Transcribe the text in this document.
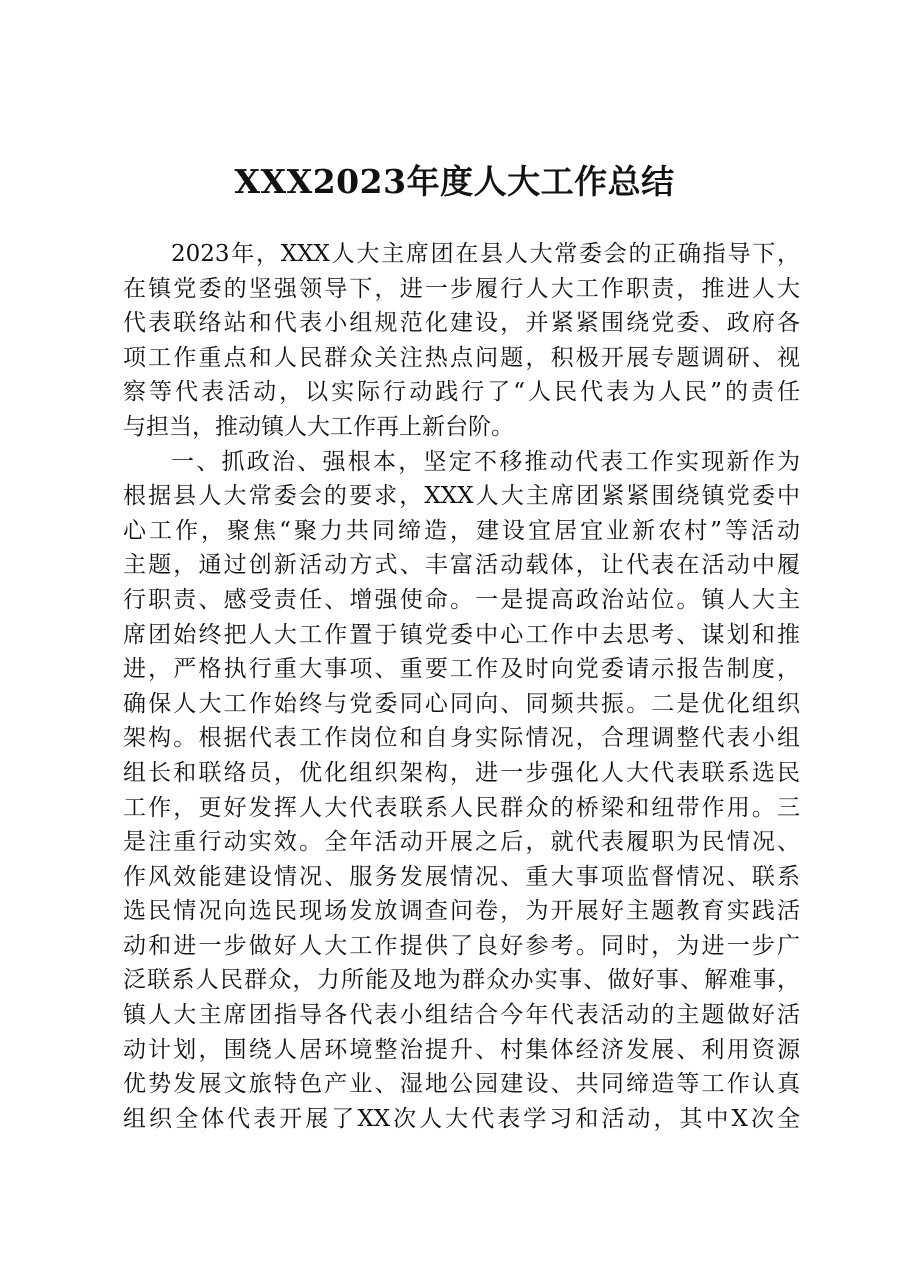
XXX2023年度人大工作总结

2023年，XXX人大主席团在县人大常委会的正确指导下，
在镇党委的坚强领导下，进一步履行人大工作职责，推进人大
代表联络站和代表小组规范化建设，并紧紧围绕党委、政府各
项工作重点和人民群众关注热点问题，积极开展专题调研、视
察等代表活动，以实际行动践行了“人民代表为人民”的责任
与担当，推动镇人大工作再上新台阶。

一、抓政治、强根本，坚定不移推动代表工作实现新作为
根据县人大常委会的要求，XXX人大主席团紧紧围绕镇党委中
心工作，聚焦“聚力共同缔造，建设宜居宜业新农村”等活动
主题，通过创新活动方式、丰富活动载体，让代表在活动中履
行职责、感受责任、增强使命。一是提高政治站位。镇人大主
席团始终把人大工作置于镇党委中心工作中去思考、谋划和推
进，严格执行重大事项、重要工作及时向党委请示报告制度，
确保人大工作始终与党委同心同向、同频共振。二是优化组织
架构。根据代表工作岗位和自身实际情况，合理调整代表小组
组长和联络员，优化组织架构，进一步强化人大代表联系选民
工作，更好发挥人大代表联系人民群众的桥梁和纽带作用。三
是注重行动实效。全年活动开展之后，就代表履职为民情况、
作风效能建设情况、服务发展情况、重大事项监督情况、联系
选民情况向选民现场发放调查问卷，为开展好主题教育实践活
动和进一步做好人大工作提供了良好参考。同时，为进一步广
泛联系人民群众，力所能及地为群众办实事、做好事、解难事，
镇人大主席团指导各代表小组结合今年代表活动的主题做好活
动计划，围绕人居环境整治提升、村集体经济发展、利用资源
优势发展文旅特色产业、湿地公园建设、共同缔造等工作认真
组织全体代表开展了XX次人大代表学习和活动，其中X次全
